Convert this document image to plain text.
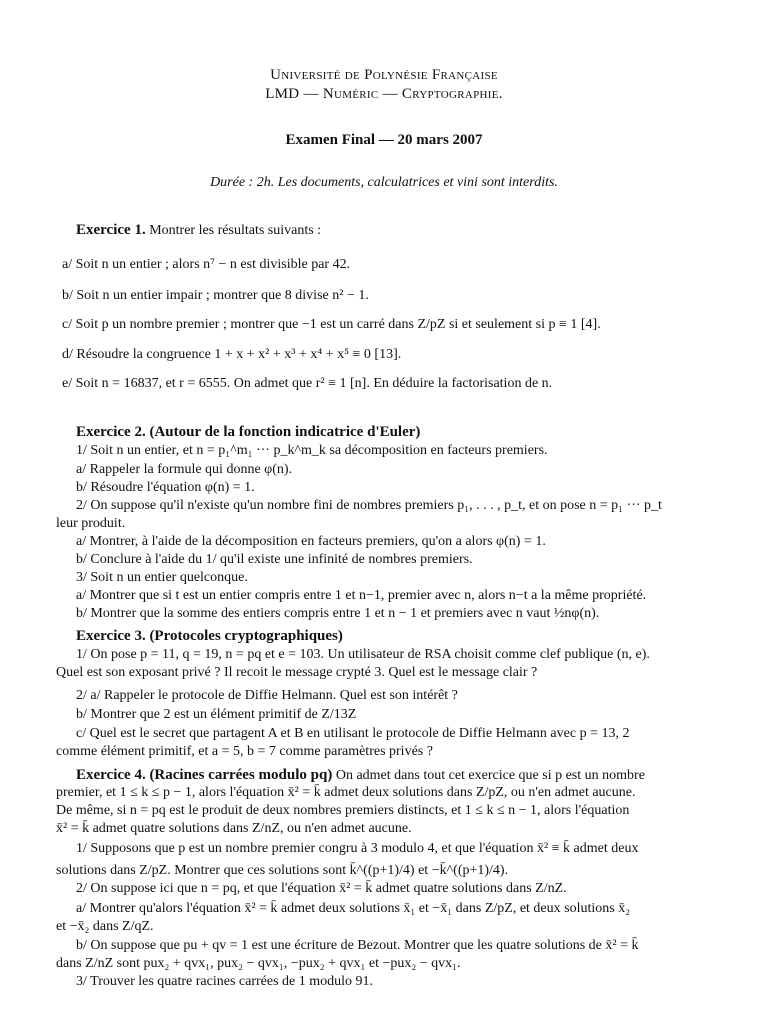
Université de Polynésie Française
LMD — Numéric — Cryptographie.
Examen Final — 20 mars 2007
Durée : 2h. Les documents, calculatrices et vini sont interdits.
Exercice 1. Montrer les résultats suivants :
a/ Soit n un entier ; alors n⁷ − n est divisible par 42.
b/ Soit n un entier impair ; montrer que 8 divise n² − 1.
c/ Soit p un nombre premier ; montrer que −1 est un carré dans Z/pZ si et seulement si p ≡ 1 [4].
d/ Résoudre la congruence 1 + x + x² + x³ + x⁴ + x⁵ ≡ 0 [13].
e/ Soit n = 16837, et r = 6555. On admet que r² ≡ 1 [n]. En déduire la factorisation de n.
Exercice 2. (Autour de la fonction indicatrice d'Euler)
1/ Soit n un entier, et n = p₁^m₁ ··· p_k^m_k sa décomposition en facteurs premiers.
a/ Rappeler la formule qui donne φ(n).
b/ Résoudre l'équation φ(n) = 1.
2/ On suppose qu'il n'existe qu'un nombre fini de nombres premiers p₁, . . . , p_t, et on pose n = p₁ ··· p_t
leur produit.
a/ Montrer, à l'aide de la décomposition en facteurs premiers, qu'on a alors φ(n) = 1.
b/ Conclure à l'aide du 1/ qu'il existe une infinité de nombres premiers.
3/ Soit n un entier quelconque.
a/ Montrer que si t est un entier compris entre 1 et n−1, premier avec n, alors n−t a la même propriété.
b/ Montrer que la somme des entiers compris entre 1 et n − 1 et premiers avec n vaut ½nφ(n).
Exercice 3. (Protocoles cryptographiques)
1/ On pose p = 11, q = 19, n = pq et e = 103. Un utilisateur de RSA choisit comme clef publique (n, e).
Quel est son exposant privé ? Il recoit le message crypté 3. Quel est le message clair ?
2/ a/ Rappeler le protocole de Diffie Helmann. Quel est son intérêt ?
b/ Montrer que 2 est un élément primitif de Z/13Z
c/ Quel est le secret que partagent A et B en utilisant le protocole de Diffie Helmann avec p = 13, 2
comme élément primitif, et a = 5, b = 7 comme paramètres privés ?
Exercice 4. (Racines carrées modulo pq) On admet dans tout cet exercice que si p est un nombre
premier, et 1 ≤ k ≤ p − 1, alors l'équation x̄² = k̄ admet deux solutions dans Z/pZ, ou n'en admet aucune.
De même, si n = pq est le produit de deux nombres premiers distincts, et 1 ≤ k ≤ n − 1, alors l'équation
x̄² = k̄ admet quatre solutions dans Z/nZ, ou n'en admet aucune.
1/ Supposons que p est un nombre premier congru à 3 modulo 4, et que l'équation x̄² ≡ k̄ admet deux
solutions dans Z/pZ. Montrer que ces solutions sont k̄^((p+1)/4) et −k̄^((p+1)/4).
2/ On suppose ici que n = pq, et que l'équation x̄² = k̄ admet quatre solutions dans Z/nZ.
a/ Montrer qu'alors l'équation x̄² = k̄ admet deux solutions x̄₁ et −x̄₁ dans Z/pZ, et deux solutions x̄₂
et −x̄₂ dans Z/qZ.
b/ On suppose que pu + qv = 1 est une écriture de Bezout. Montrer que les quatre solutions de x̄² = k̄
dans Z/nZ sont pux₂ + qvx₁, pux₂ − qvx₁, −pux₂ + qvx₁ et −pux₂ − qvx₁.
3/ Trouver les quatre racines carrées de 1 modulo 91.
